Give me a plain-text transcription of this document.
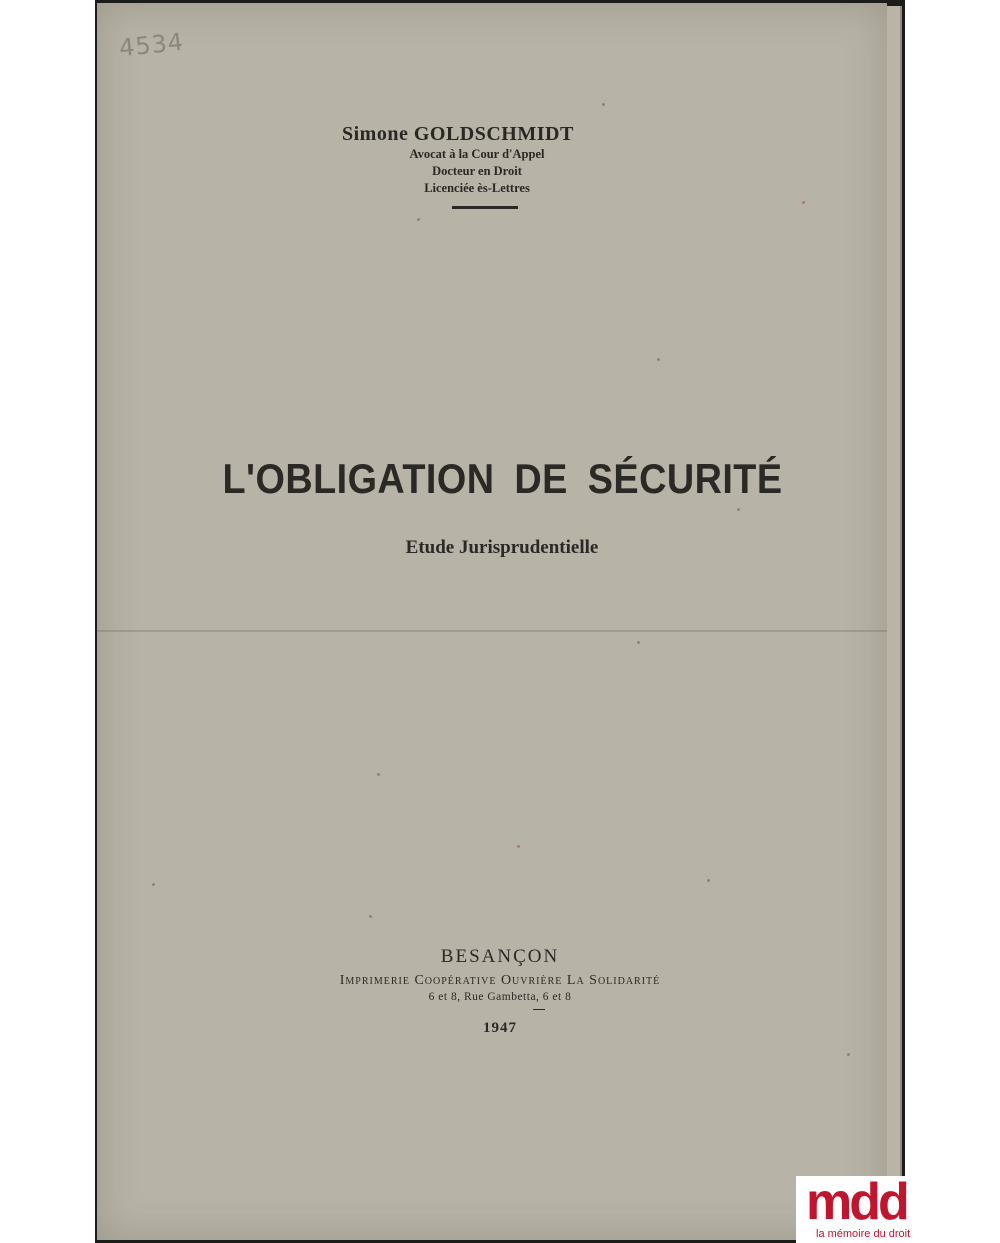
4534
Simone GOLDSCHMIDT
Avocat à la Cour d'Appel
Docteur en Droit
Licenciée ès-Lettres
L'OBLIGATION DE SÉCURITÉ
Etude Jurisprudentielle
BESANÇON
Imprimerie Coopérative Ouvrière La Solidarité
6 et 8, Rue Gambetta, 6 et 8
1947
mdd
la mémoire du droit
